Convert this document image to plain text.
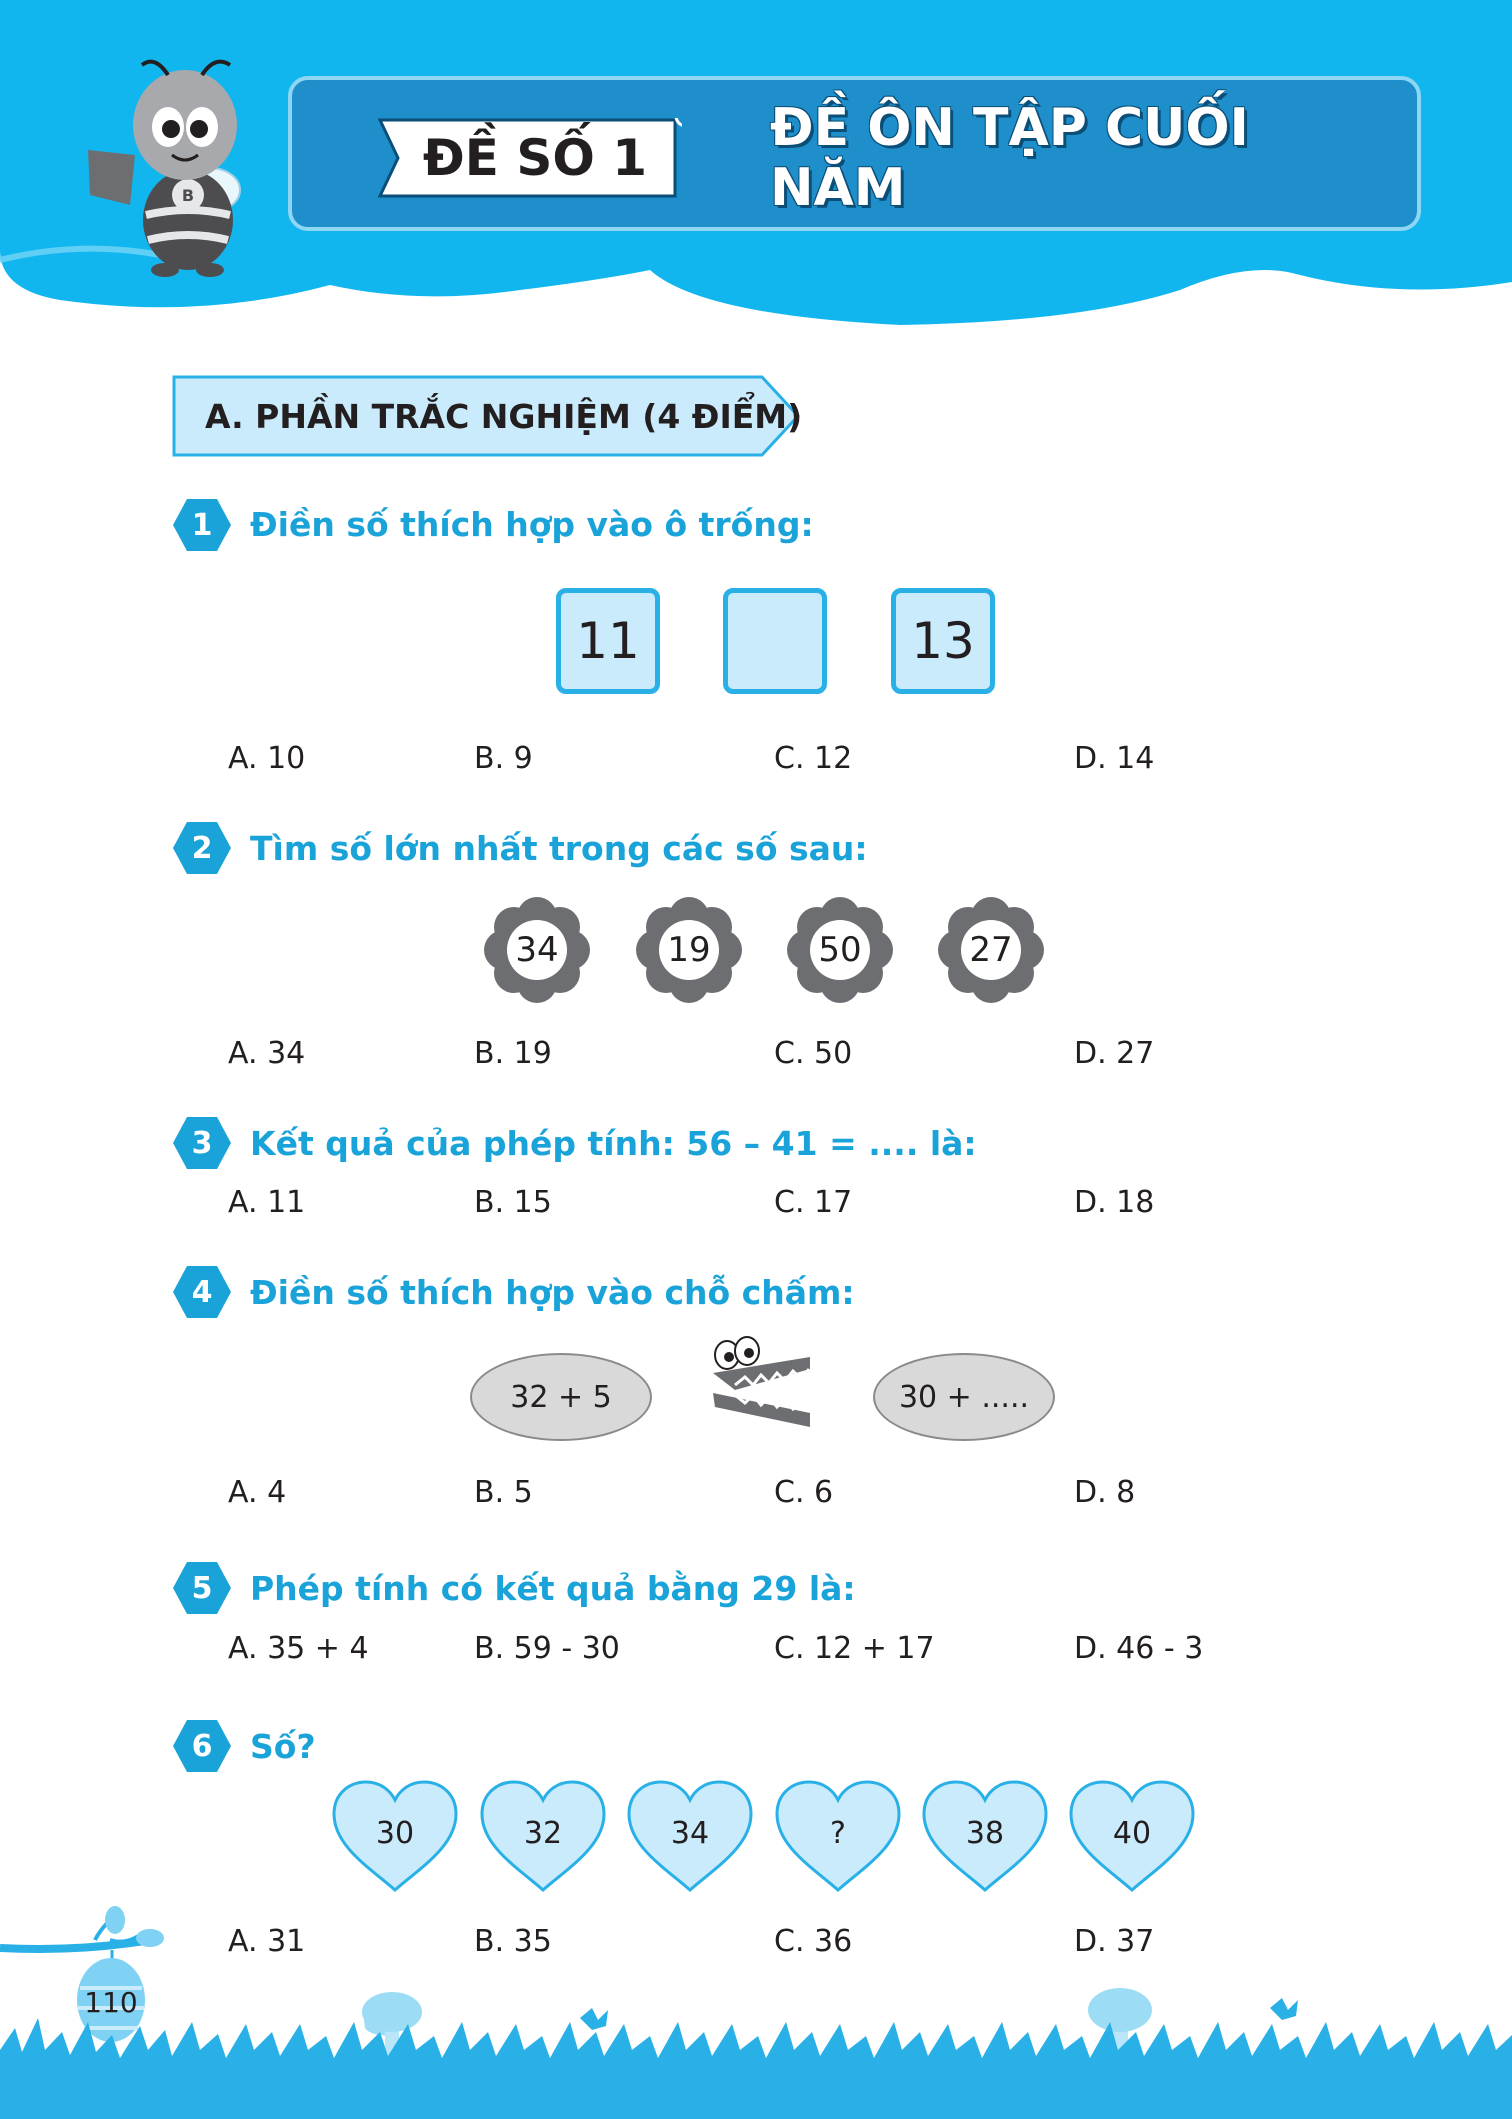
B
ĐỀ SỐ 1	ĐỀ ÔN TẬP CUỐI NĂM
A. PHẦN TRẮC NGHIỆM (4 ĐIỂM)
1	Điền số thích hợp vào ô trống:
11	13
A. 10	B. 9	C. 12	D. 14
2	Tìm số lớn nhất trong các số sau:
34	19	50	27
A. 34	B. 19	C. 50	D. 27
3	Kết quả của phép tính: 56 – 41 = .... là:
A. 11	B. 15	C. 17	D. 18
4	Điền số thích hợp vào chỗ chấm:
32 + 5	30 + .....
A. 4	B. 5	C. 6	D. 8
5	Phép tính có kết quả bằng 29 là:
A. 35 + 4	B. 59 - 30	C. 12 + 17	D. 46 - 3
6	Số?
30	32	34	?	38	40
A. 31	B. 35	C. 36	D. 37
110
